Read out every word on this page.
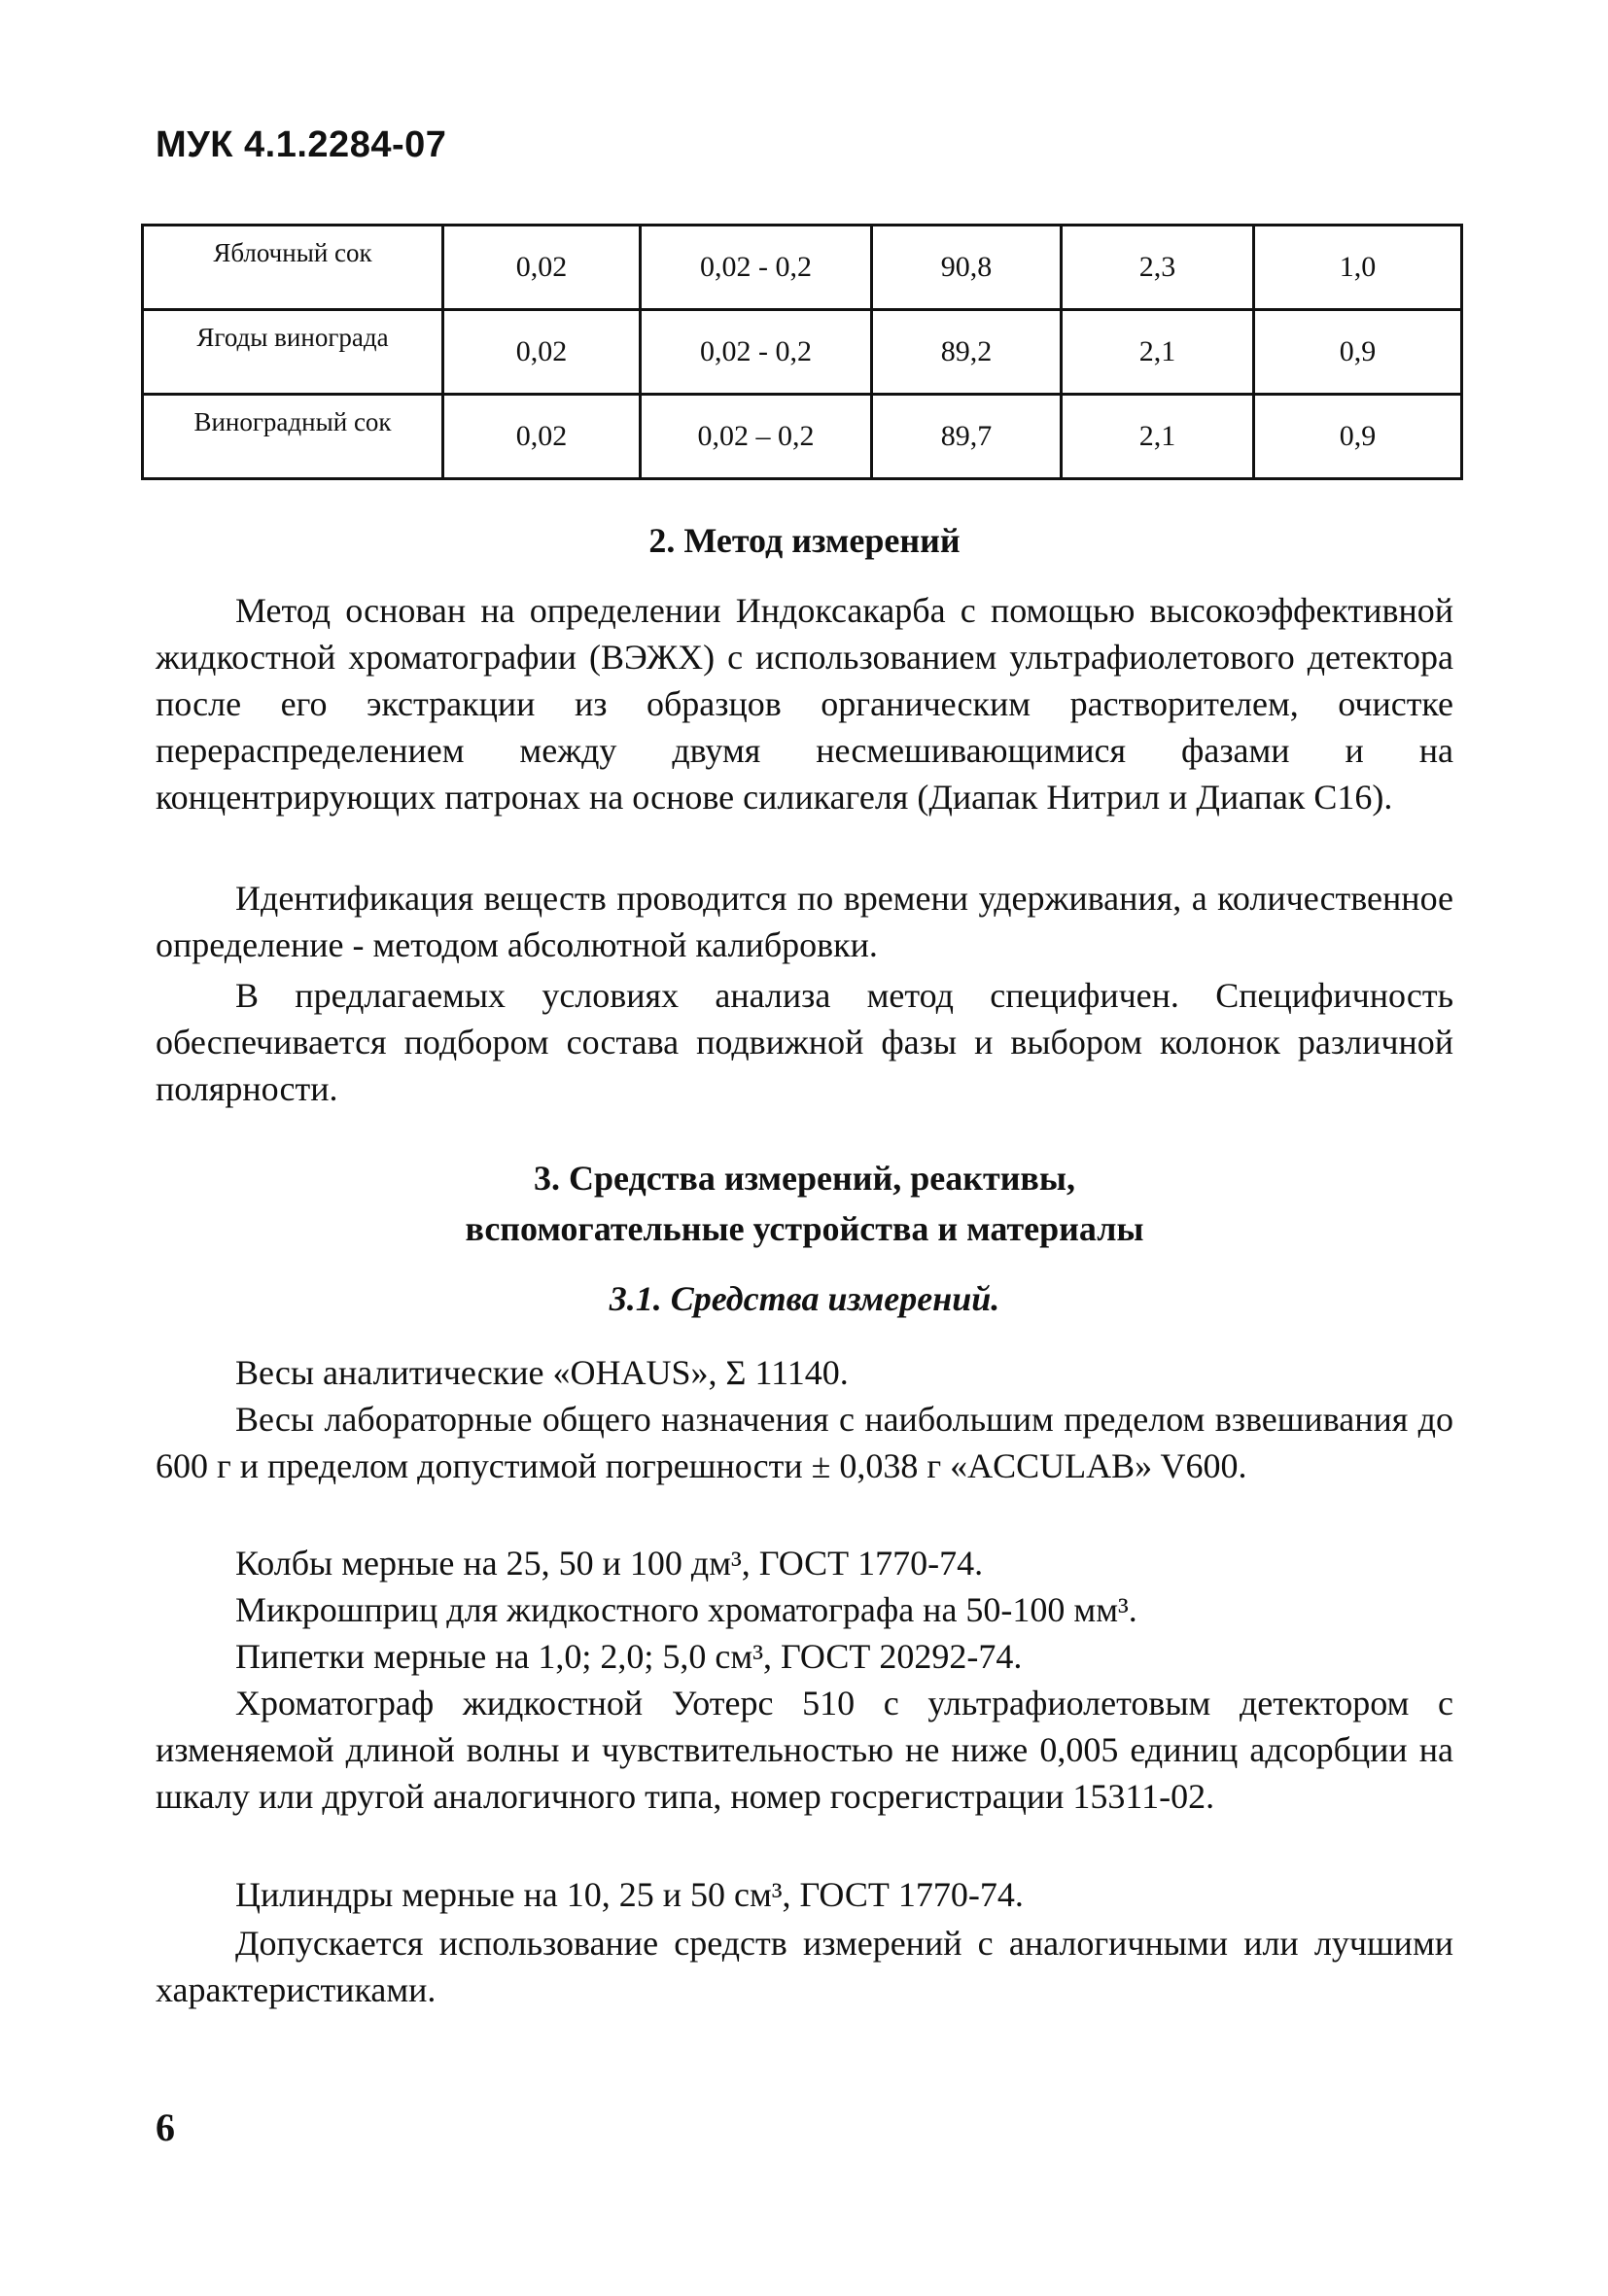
МУК 4.1.2284-07
Яблочный сок	0,02	0,02 - 0,2	90,8	2,3	1,0
Ягоды винограда	0,02	0,02 - 0,2	89,2	2,1	0,9
Виноградный сок	0,02	0,02 – 0,2	89,7	2,1	0,9
2. Метод измерений

Метод основан на определении Индоксакарба с помощью высокоэффективной жидкостной хроматографии (ВЭЖХ) с использованием ультрафиолетового детектора после его экстракции из образцов органическим растворителем, очистке перераспределением между двумя несмешивающимися фазами и на концентрирующих патронах на основе силикагеля (Диапак Нитрил и Диапак С16).

Идентификация веществ проводится по времени удерживания, а количественное определение - методом абсолютной калибровки.

В предлагаемых условиях анализа метод специфичен. Специфичность обеспечивается подбором состава подвижной фазы и выбором колонок различной полярности.

3. Средства измерений, реактивы,
вспомогательные устройства и материалы
3.1. Средства измерений.

Весы аналитические «OHAUS», Σ 11140.

Весы лабораторные общего назначения с наибольшим пределом взвешивания до 600 г и пределом допустимой погрешности ± 0,038 г «ACCULAB» V600.

Колбы мерные на 25, 50 и 100 дм³, ГОСТ 1770-74.

Микрошприц для жидкостного хроматографа на 50-100 мм³.

Пипетки мерные на 1,0; 2,0; 5,0 см³, ГОСТ 20292-74.

Хроматограф жидкостной Уотерс 510 с ультрафиолетовым детектором с изменяемой длиной волны и чувствительностью не ниже 0,005 единиц адсорбции на шкалу или другой аналогичного типа, номер госрегистрации 15311-02.

Цилиндры мерные на 10, 25 и 50 см³, ГОСТ 1770-74.

Допускается использование средств измерений с аналогичными или лучшими характеристиками.

6
